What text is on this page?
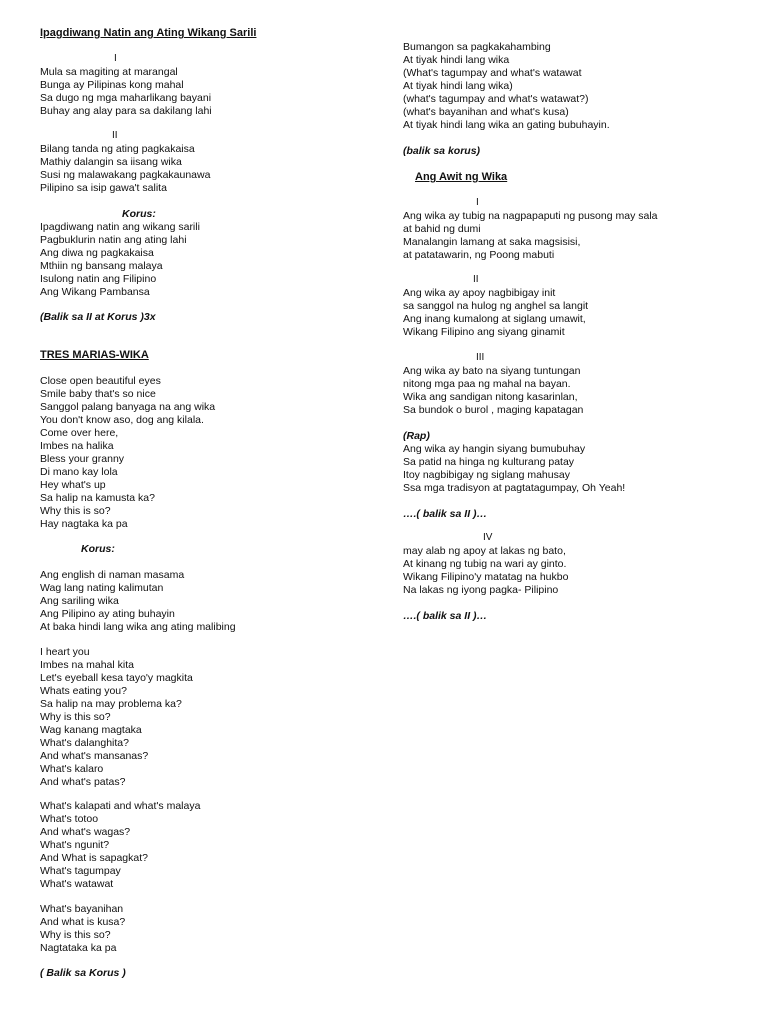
Ipagdiwang Natin ang Ating Wikang Sarili
I
Mula sa magiting at marangal
Bunga ay Pilipinas kong mahal
Sa dugo ng mga maharlikang bayani
Buhay ang alay para sa dakilang lahi
II
Bilang tanda ng ating pagkakaisa
Mathiy dalangin sa iisang wika
Susi ng malawakang pagkakaunawa
Pilipino sa isip gawa't salita
Korus:
Ipagdiwang natin ang wikang sarili
Pagbuklurin natin ang ating lahi
Ang diwa ng pagkakaisa
Mthiin ng bansang malaya
Isulong natin ang Filipino
Ang Wikang Pambansa
(Balik sa II at Korus )3x
TRES MARIAS-WIKA
Close open beautiful eyes
Smile baby that's so nice
Sanggol palang banyaga na ang wika
You don't know aso, dog ang kilala.
Come over here,
Imbes na halika
Bless your granny
Di mano kay lola
Hey what's up
Sa halip na kamusta ka?
Why this is so?
Hay nagtaka ka pa
Korus:
Ang english di naman masama
Wag lang nating kalimutan
Ang sariling wika
Ang Pilipino ay ating buhayin
At baka hindi lang wika ang ating malibing
I heart you
Imbes na mahal kita
Let's eyeball kesa tayo'y magkita
Whats eating you?
Sa halip na may problema ka?
Why is this so?
Wag kanang magtaka
What's dalanghita?
And what's mansanas?
What's kalaro
And what's patas?
What's kalapati and what's malaya
What's totoo
And what's wagas?
What's ngunit?
And What is sapagkat?
What's tagumpay
What's watawat
What's bayanihan
And what is kusa?
Why is this so?
Nagtataka ka pa
( Balik sa Korus )
Bumangon sa pagkakahambing
At tiyak hindi lang wika
(What's tagumpay and what's watawat
At tiyak hindi lang wika)
(what's tagumpay and what's watawat?)
(what's bayanihan and what's kusa)
At tiyak hindi lang wika an gating bubuhayin.
(balik sa korus)
Ang Awit ng Wika
I
Ang wika ay tubig na nagpapaputi ng pusong may sala
at bahid ng dumi
Manalangin lamang at saka magsisisi,
at patatawarin, ng Poong mabuti
II
Ang wika ay apoy nagbibigay init
sa sanggol na hulog ng anghel sa langit
Ang inang kumalong at siglang umawit,
Wikang Filipino ang siyang ginamit
III
Ang wika ay bato na siyang tuntungan
nitong mga paa ng mahal na bayan.
Wika ang sandigan nitong kasarinlan,
Sa bundok o burol , maging kapatagan
(Rap)
Ang wika ay hangin siyang bumubuhay
Sa patid na hinga ng kulturang patay
Itoy nagbibigay ng siglang mahusay
Ssa mga tradisyon at pagtatagumpay, Oh Yeah!
….( balik sa II )…
IV
may alab ng apoy at lakas ng bato,
At kinang ng tubig na wari ay ginto.
Wikang Filipino'y matatag na hukbo
Na lakas ng iyong pagka- Pilipino
….( balik sa II )…
